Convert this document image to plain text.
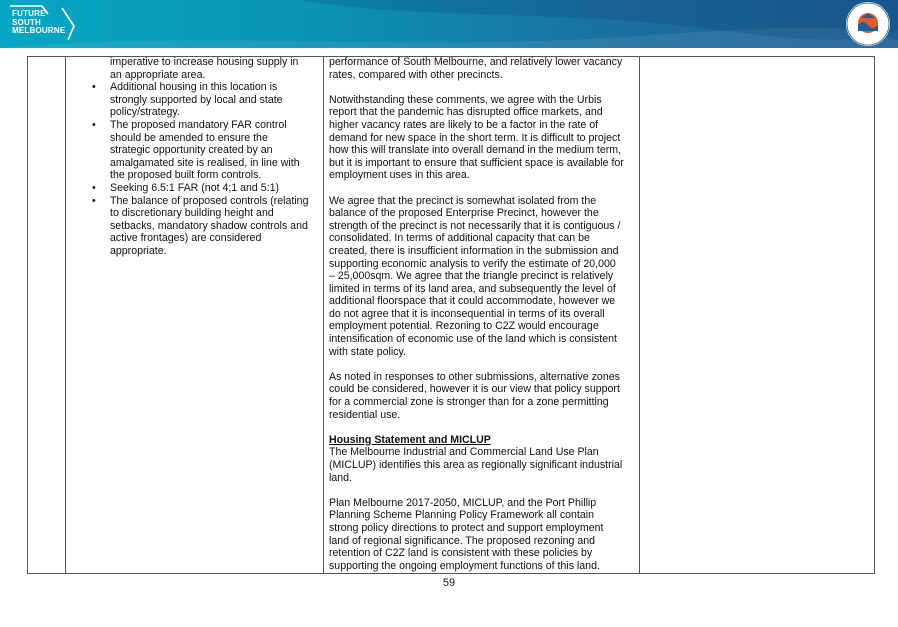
FUTURE
SOUTH
MELBOURNE
imperative to increase housing supply in
an appropriate area.
• Additional housing in this location is
strongly supported by local and state
policy/strategy.
• The proposed mandatory FAR control
should be amended to ensure the
strategic opportunity created by an
amalgamated site is realised, in line with
the proposed built form controls.
• Seeking 6.5:1 FAR (not 4;1 and 5:1)
• The balance of proposed controls (relating
to discretionary building height and
setbacks, mandatory shadow controls and
active frontages) are considered
appropriate.

performance of South Melbourne, and relatively lower vacancy
rates, compared with other precincts.

Notwithstanding these comments, we agree with the Urbis
report that the pandemic has disrupted office markets, and
higher vacancy rates are likely to be a factor in the rate of
demand for new space in the short term. It is difficult to project
how this will translate into overall demand in the medium term,
but it is important to ensure that sufficient space is available for
employment uses in this area.

We agree that the precinct is somewhat isolated from the
balance of the proposed Enterprise Precinct, however the
strength of the precinct is not necessarily that it is contiguous /
consolidated. In terms of additional capacity that can be
created, there is insufficient information in the submission and
supporting economic analysis to verify the estimate of 20,000
– 25,000sqm. We agree that the triangle precinct is relatively
limited in terms of its land area, and subsequently the level of
additional floorspace that it could accommodate, however we
do not agree that it is inconsequential in terms of its overall
employment potential. Rezoning to C2Z would encourage
intensification of economic use of the land which is consistent
with state policy.

As noted in responses to other submissions, alternative zones
could be considered, however it is our view that policy support
for a commercial zone is stronger than for a zone permitting
residential use.

Housing Statement and MICLUP
The Melbourne Industrial and Commercial Land Use Plan
(MICLUP) identifies this area as regionally significant industrial
land.

Plan Melbourne 2017-2050, MICLUP, and the Port Phillip
Planning Scheme Planning Policy Framework all contain
strong policy directions to protect and support employment
land of regional significance. The proposed rezoning and
retention of C2Z land is consistent with these policies by
supporting the ongoing employment functions of this land.

59
